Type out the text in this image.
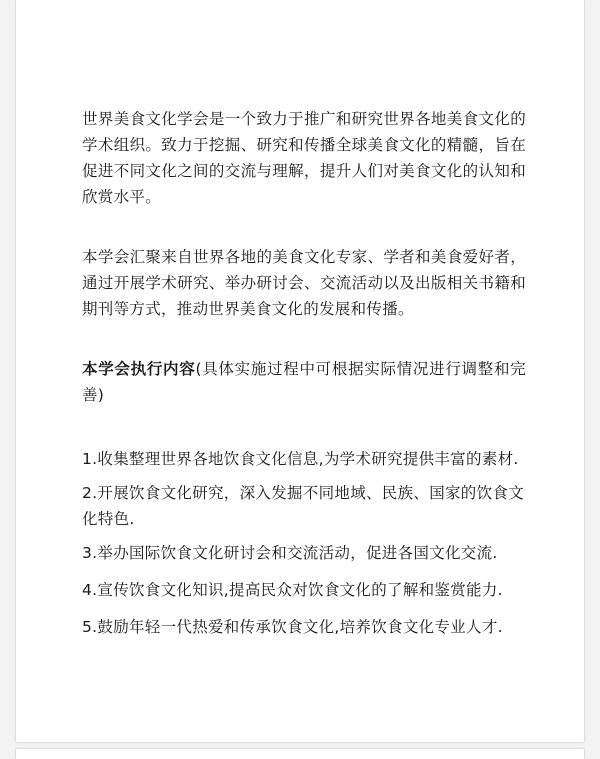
世界美食文化学会是一个致力于推广和研究世界各地美食文化的学术组织。致力于挖掘、研究和传播全球美食文化的精髓，旨在促进不同文化之间的交流与理解，提升人们对美食文化的认知和欣赏水平。

本学会汇聚来自世界各地的美食文化专家、学者和美食爱好者，通过开展学术研究、举办研讨会、交流活动以及出版相关书籍和期刊等方式，推动世界美食文化的发展和传播。

本学会执行内容(具体实施过程中可根据实际情况进行调整和完善)

1.收集整理世界各地饮食文化信息,为学术研究提供丰富的素材.
2.开展饮食文化研究，深入发掘不同地域、民族、国家的饮食文化特色.
3.举办国际饮食文化研讨会和交流活动，促进各国文化交流.
4.宣传饮食文化知识,提高民众对饮食文化的了解和鉴赏能力.
5.鼓励年轻一代热爱和传承饮食文化,培养饮食文化专业人才.
